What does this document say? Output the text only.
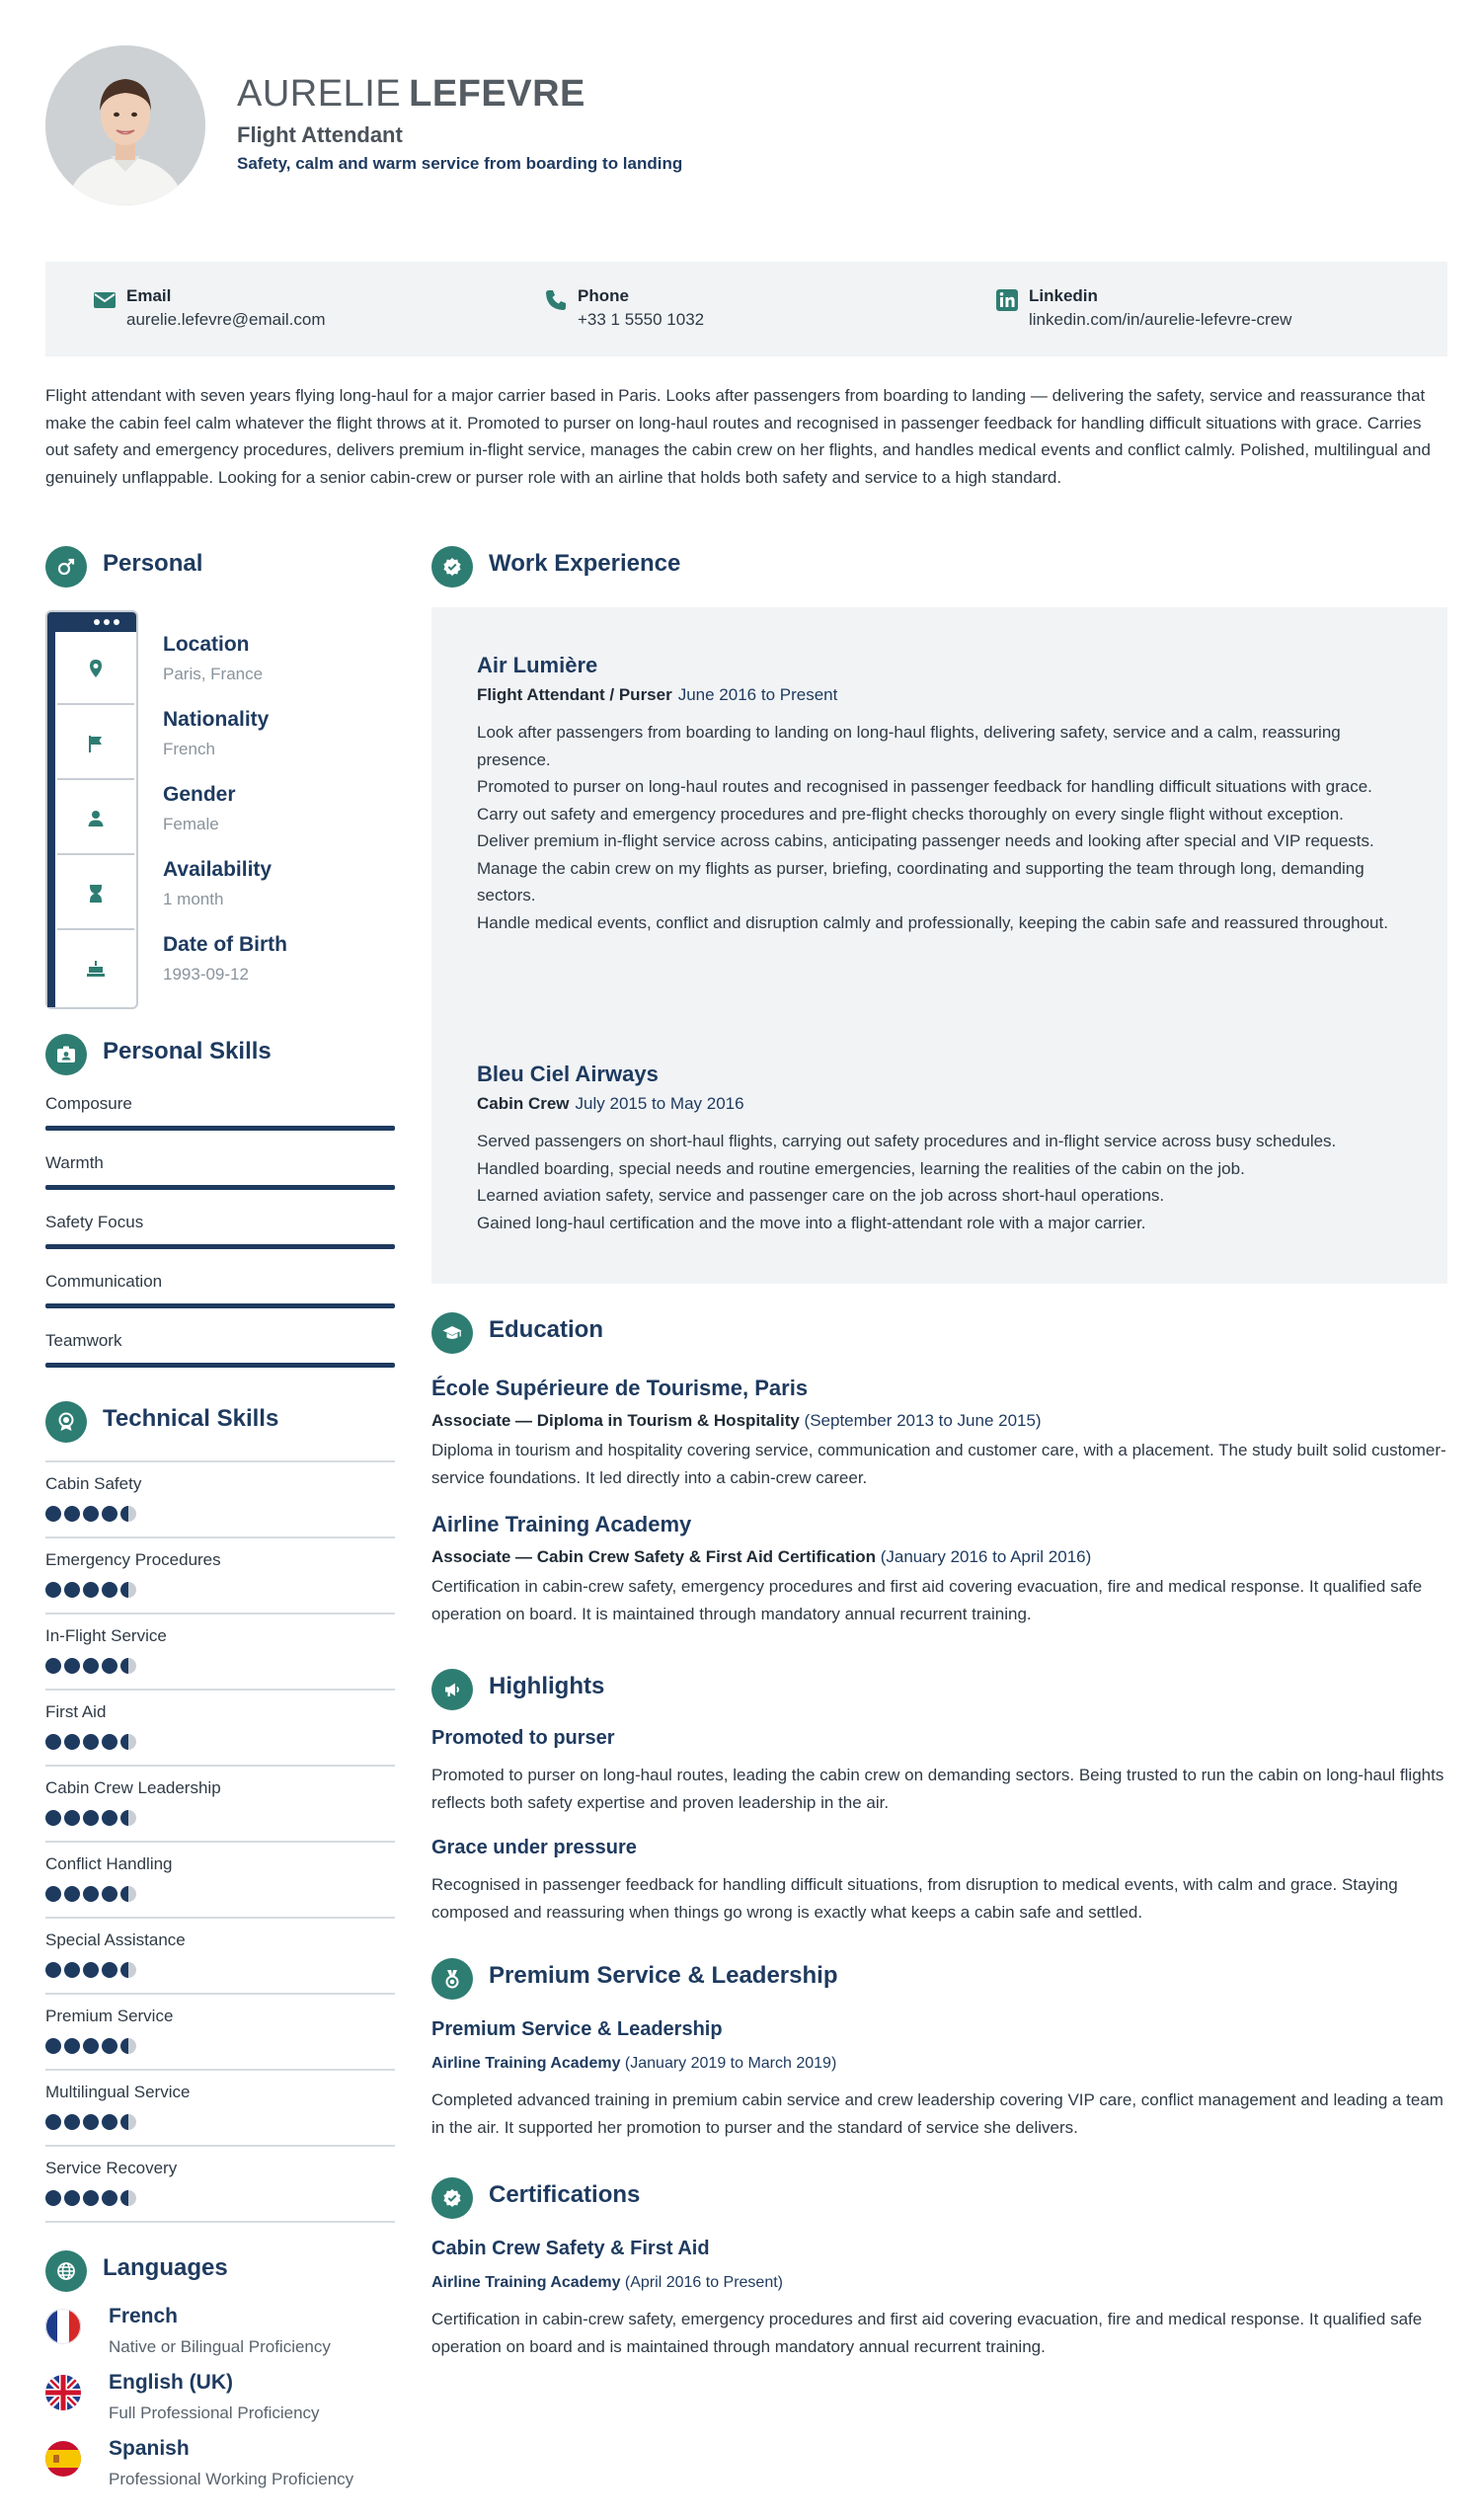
AURELIE LEFEVRE
Flight Attendant
Safety, calm and warm service from boarding to landing
Email
aurelie.lefevre@email.com
Phone
+33 1 5550 1032
Linkedin
linkedin.com/in/aurelie-lefevre-crew
Flight attendant with seven years flying long-haul for a major carrier based in Paris. Looks after passengers from boarding to landing — delivering the safety, service and reassurance that make the cabin feel calm whatever the flight throws at it. Promoted to purser on long-haul routes and recognised in passenger feedback for handling difficult situations with grace. Carries out safety and emergency procedures, delivers premium in-flight service, manages the cabin crew on her flights, and handles medical events and conflict calmly. Polished, multilingual and genuinely unflappable. Looking for a senior cabin-crew or purser role with an airline that holds both safety and service to a high standard.
Personal
Location
Paris, France
Nationality
French
Gender
Female
Availability
1 month
Date of Birth
1993-09-12
Personal Skills
Composure
Warmth
Safety Focus
Communication
Teamwork
Technical Skills
Cabin Safety
Emergency Procedures
In-Flight Service
First Aid
Cabin Crew Leadership
Conflict Handling
Special Assistance
Premium Service
Multilingual Service
Service Recovery
Languages
French
Native or Bilingual Proficiency
English (UK)
Full Professional Proficiency
Spanish
Professional Working Proficiency
Work Experience
Air Lumière
Flight Attendant / Purser June 2016 to Present
Look after passengers from boarding to landing on long-haul flights, delivering safety, service and a calm, reassuring presence.
Promoted to purser on long-haul routes and recognised in passenger feedback for handling difficult situations with grace.
Carry out safety and emergency procedures and pre-flight checks thoroughly on every single flight without exception.
Deliver premium in-flight service across cabins, anticipating passenger needs and looking after special and VIP requests.
Manage the cabin crew on my flights as purser, briefing, coordinating and supporting the team through long, demanding sectors.
Handle medical events, conflict and disruption calmly and professionally, keeping the cabin safe and reassured throughout.
Bleu Ciel Airways
Cabin Crew July 2015 to May 2016
Served passengers on short-haul flights, carrying out safety procedures and in-flight service across busy schedules.
Handled boarding, special needs and routine emergencies, learning the realities of the cabin on the job.
Learned aviation safety, service and passenger care on the job across short-haul operations.
Gained long-haul certification and the move into a flight-attendant role with a major carrier.
Education
École Supérieure de Tourisme, Paris
Associate — Diploma in Tourism & Hospitality (September 2013 to June 2015)
Diploma in tourism and hospitality covering service, communication and customer care, with a placement. The study built solid customer-service foundations. It led directly into a cabin-crew career.
Airline Training Academy
Associate — Cabin Crew Safety & First Aid Certification (January 2016 to April 2016)
Certification in cabin-crew safety, emergency procedures and first aid covering evacuation, fire and medical response. It qualified safe operation on board. It is maintained through mandatory annual recurrent training.
Highlights
Promoted to purser
Promoted to purser on long-haul routes, leading the cabin crew on demanding sectors. Being trusted to run the cabin on long-haul flights reflects both safety expertise and proven leadership in the air.
Grace under pressure
Recognised in passenger feedback for handling difficult situations, from disruption to medical events, with calm and grace. Staying composed and reassuring when things go wrong is exactly what keeps a cabin safe and settled.
Premium Service & Leadership
Premium Service & Leadership
Airline Training Academy (January 2019 to March 2019)
Completed advanced training in premium cabin service and crew leadership covering VIP care, conflict management and leading a team in the air. It supported her promotion to purser and the standard of service she delivers.
Certifications
Cabin Crew Safety & First Aid
Airline Training Academy (April 2016 to Present)
Certification in cabin-crew safety, emergency procedures and first aid covering evacuation, fire and medical response. It qualified safe operation on board and is maintained through mandatory annual recurrent training.
